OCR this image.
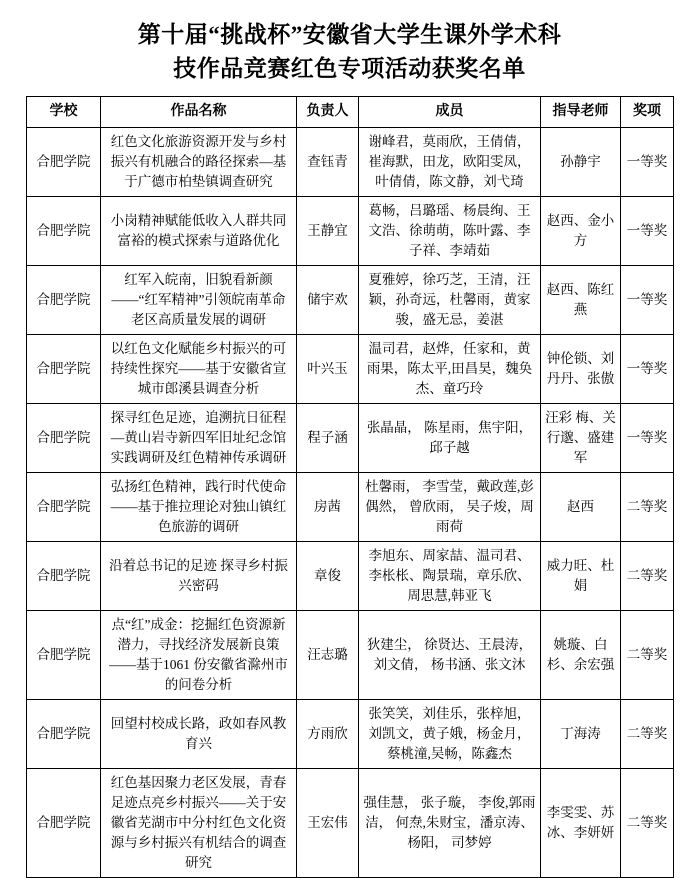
第十届“挑战杯”安徽省大学生课外学术科
技作品竞赛红色专项活动获奖名单
学校	作品名称	负责人	成员	指导老师	奖项
合肥学院	红色文化旅游资源开发与乡村振兴有机融合的路径探索—基于广德市柏垫镇调查研究	查钰青	谢峰君，莫雨欣，王倩倩，崔海默，田龙，欧阳雯凤，叶倩倩，陈文静，刘弋琦	孙静宇	一等奖
合肥学院	小岗精神赋能低收入人群共同富裕的模式探索与道路优化	王静宜	葛畅，吕璐瑶、杨晨绚、王文浩、徐萌萌，陈叶露、李子祥、李靖茹	赵西、金小方	一等奖
合肥学院	红军入皖南，旧貌看新颜——“红军精神”引领皖南革命老区高质量发展的调研	储宇欢	夏雅婷，徐巧芝，王清，汪颖，孙奇远，杜馨雨，黄家骏，盛无忌，姜湛	赵西、陈红燕	一等奖
合肥学院	以红色文化赋能乡村振兴的可持续性探究——基于安徽省宣城市郎溪县调查分析	叶兴玉	温司君，赵烨，任家和，黄雨果，陈太平,田昌昊，魏奂杰、童巧玲	钟伦锁、刘丹丹、张傲	一等奖
合肥学院	探寻红色足迹，追溯抗日征程—黄山岩寺新四军旧址纪念馆实践调研及红色精神传承调研	程子涵	张晶晶， 陈星雨，焦宇阳， 邱子越	汪彩 梅、关行邈、盛建军	一等奖
合肥学院	弘扬红色精神，践行时代使命——基于推拉理论对独山镇红色旅游的调研	房茜	杜馨雨， 李雪莹，戴政莲,彭偶然， 曾欣雨， 吴子焌，周雨荷	赵西	二等奖
合肥学院	沿着总书记的足迹 探寻乡村振兴密码	章俊	李旭东、周家喆、温司君、李枨枨、陶景瑞，章乐欣、周思慧,韩亚飞	威力旺、杜娟	二等奖
合肥学院	点“红”成金：挖掘红色资源新潜力，寻找经济发展新良策——基于1061 份安徽省滁州市的问卷分析	汪志璐	狄建尘， 徐贤达、王晨涛， 刘文倩， 杨书涵、张文沐	姚璇、白杉、余宏强	二等奖
合肥学院	回望村校成长路，政如春风教育兴	方雨欣	张笑笑，刘佳乐，张梓旭，刘凯文，黄子娥，杨金月，蔡桃潼,吴畅，陈鑫杰	丁海涛	二等奖
合肥学院	红色基因聚力老区发展，青春足迹点亮乡村振兴——关于安徽省芜湖市中分村红色文化资源与乡村振兴有机结合的调查研究	王宏伟	强佳慧， 张子璇， 李俊,郭雨洁， 何焘,朱财宝，潘京涛、杨阳， 司梦婷	李雯雯、苏冰、李妍妍	二等奖
